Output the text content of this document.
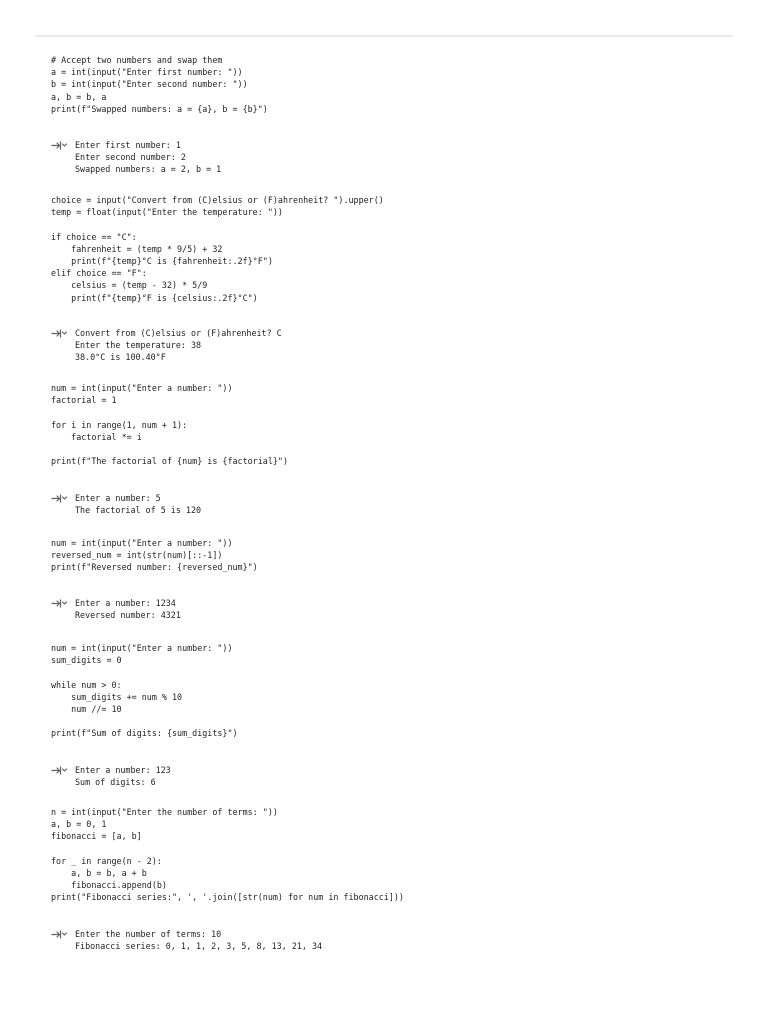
# Accept two numbers and swap them
a = int(input("Enter first number: "))
b = int(input("Enter second number: "))
a, b = b, a
print(f"Swapped numbers: a = {a}, b = {b}")
Enter first number: 1
Enter second number: 2
Swapped numbers: a = 2, b = 1
choice = input("Convert from (C)elsius or (F)ahrenheit? ").upper()
temp = float(input("Enter the temperature: "))

if choice == "C":
fahrenheit = (temp * 9/5) + 32
print(f"{temp}°C is {fahrenheit:.2f}°F")
elif choice == "F":
celsius = (temp - 32) * 5/9
print(f"{temp}°F is {celsius:.2f}°C")
Convert from (C)elsius or (F)ahrenheit? C
Enter the temperature: 38
38.0°C is 100.40°F
num = int(input("Enter a number: "))
factorial = 1

for i in range(1, num + 1):
factorial *= i

print(f"The factorial of {num} is {factorial}")
Enter a number: 5
The factorial of 5 is 120
num = int(input("Enter a number: "))
reversed_num = int(str(num)[::-1])
print(f"Reversed number: {reversed_num}")
Enter a number: 1234
Reversed number: 4321
num = int(input("Enter a number: "))
sum_digits = 0

while num > 0:
sum_digits += num % 10
num //= 10

print(f"Sum of digits: {sum_digits}")
Enter a number: 123
Sum of digits: 6
n = int(input("Enter the number of terms: "))
a, b = 0, 1
fibonacci = [a, b]

for _ in range(n - 2):
a, b = b, a + b
fibonacci.append(b)
print("Fibonacci series:", ', '.join([str(num) for num in fibonacci]))
Enter the number of terms: 10
Fibonacci series: 0, 1, 1, 2, 3, 5, 8, 13, 21, 34
